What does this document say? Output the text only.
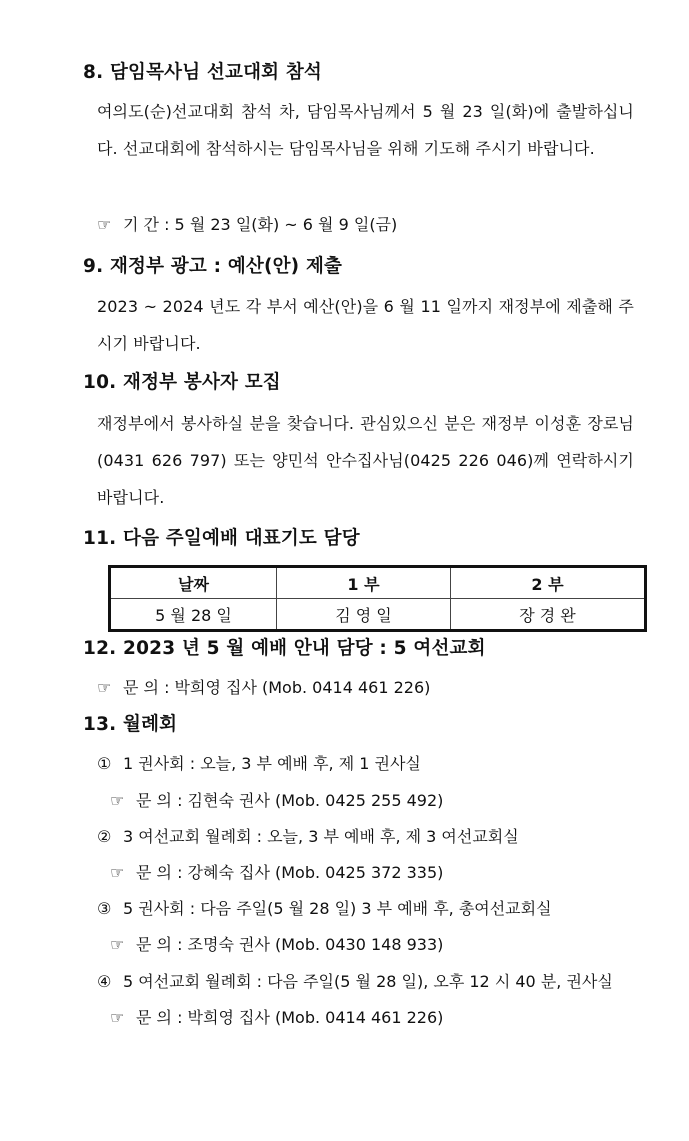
8. 담임목사님 선교대회 참석
여의도(순)선교대회 참석 차, 담임목사님께서 5 월 23 일(화)에 출발하십니다. 선교대회에 참석하시는 담임목사님을 위해 기도해 주시기 바랍니다.
☞ 기 간 : 5 월 23 일(화) ~ 6 월 9 일(금)
9. 재정부 광고 : 예산(안) 제출
2023 ~ 2024 년도 각 부서 예산(안)을 6 월 11 일까지 재정부에 제출해 주시기 바랍니다.
10. 재정부 봉사자 모집
재정부에서 봉사하실 분을 찾습니다. 관심있으신 분은 재정부 이성훈 장로님(0431 626 797) 또는 양민석 안수집사님(0425 226 046)께 연락하시기 바랍니다.
11. 다음 주일예배 대표기도 담당
날짜	1 부	2 부
5 월 28 일	김 영 일	장 경 완
12. 2023 년 5 월 예배 안내 담당 : 5 여선교회
☞ 문 의 : 박희영 집사 (Mob. 0414 461 226)
13. 월례회
① 1 권사회 : 오늘, 3 부 예배 후, 제 1 권사실
☞ 문 의 : 김현숙 권사 (Mob. 0425 255 492)
② 3 여선교회 월례회 : 오늘, 3 부 예배 후, 제 3 여선교회실
☞ 문 의 : 강혜숙 집사 (Mob. 0425 372 335)
③ 5 권사회 : 다음 주일(5 월 28 일) 3 부 예배 후, 총여선교회실
☞ 문 의 : 조명숙 권사 (Mob. 0430 148 933)
④ 5 여선교회 월례회 : 다음 주일(5 월 28 일), 오후 12 시 40 분, 권사실
☞ 문 의 : 박희영 집사 (Mob. 0414 461 226)
